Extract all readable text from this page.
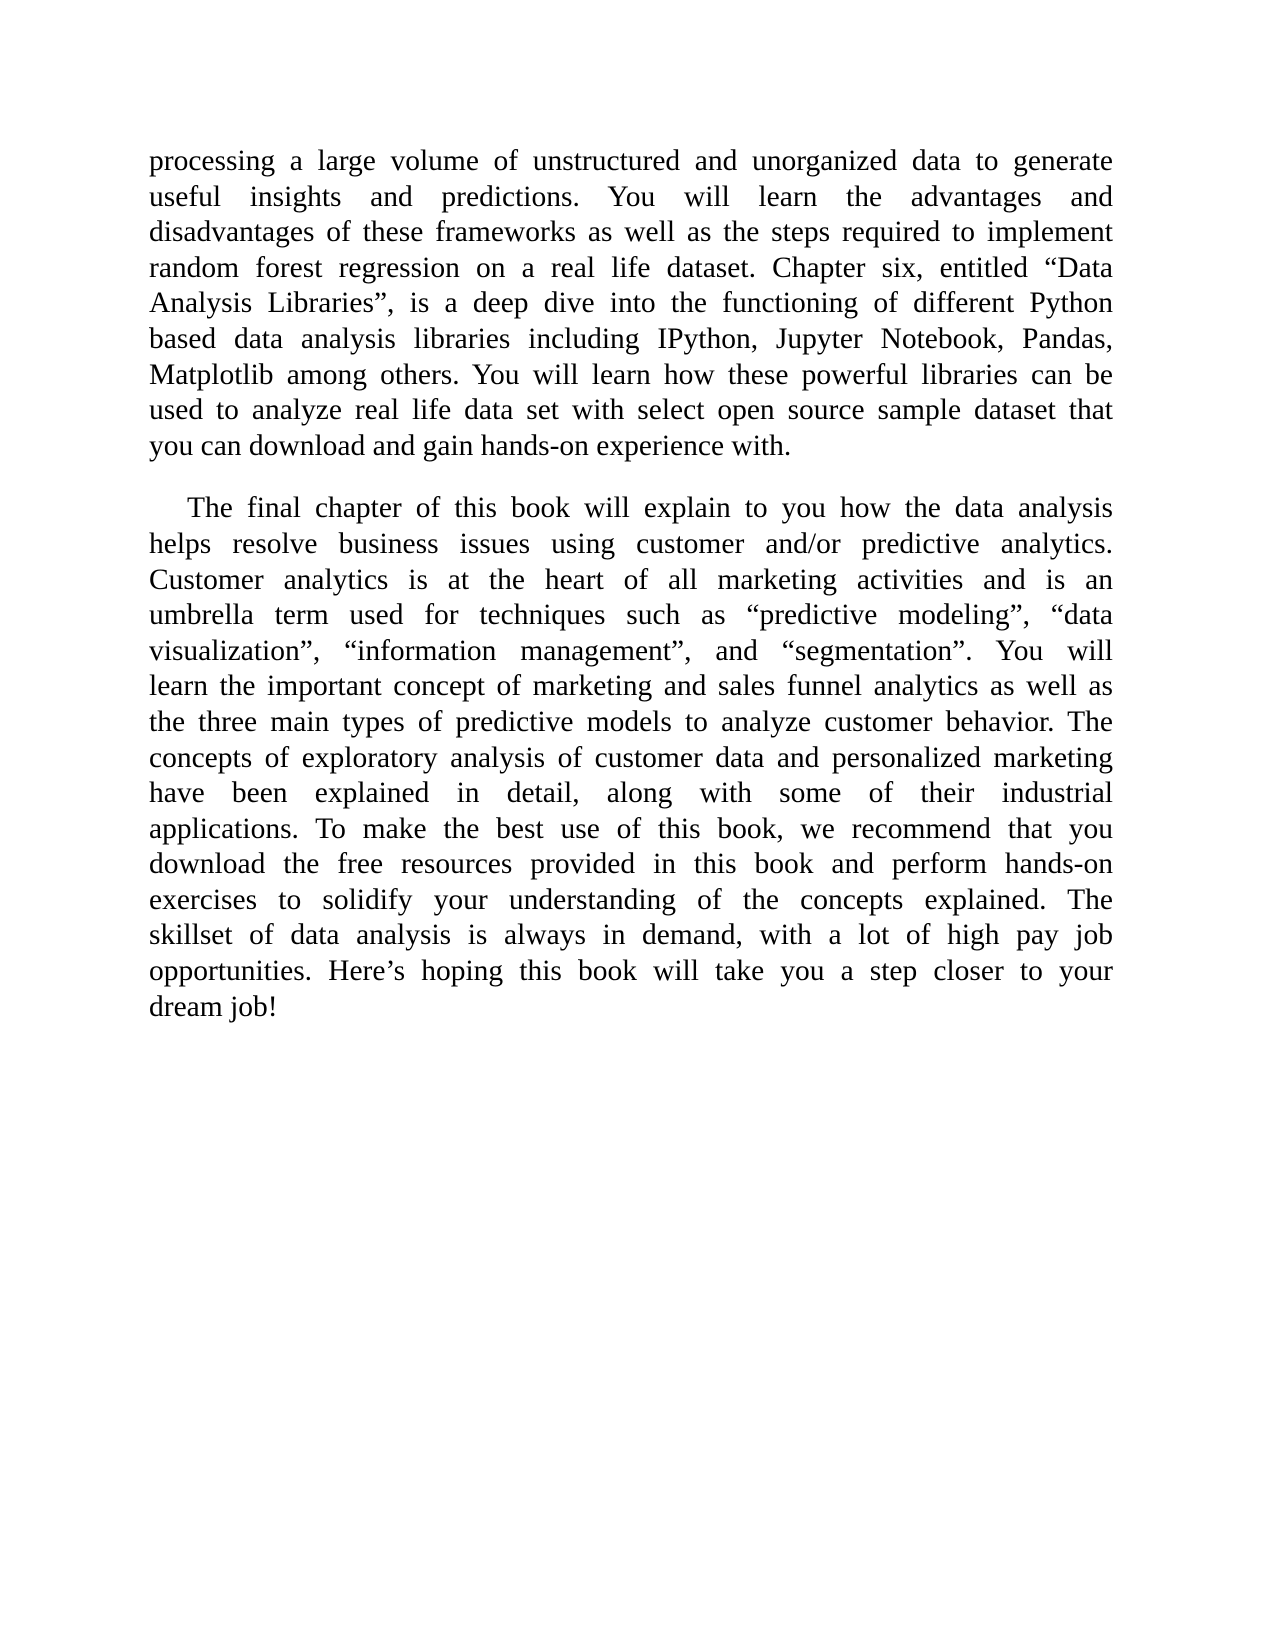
processing a large volume of unstructured and unorganized data to generate
useful insights and predictions. You will learn the advantages and
disadvantages of these frameworks as well as the steps required to implement
random forest regression on a real life dataset. Chapter six, entitled “Data
Analysis Libraries”, is a deep dive into the functioning of different Python
based data analysis libraries including IPython, Jupyter Notebook, Pandas,
Matplotlib among others. You will learn how these powerful libraries can be
used to analyze real life data set with select open source sample dataset that
you can download and gain hands-on experience with.
The final chapter of this book will explain to you how the data analysis
helps resolve business issues using customer and/or predictive analytics.
Customer analytics is at the heart of all marketing activities and is an
umbrella term used for techniques such as “predictive modeling”, “data
visualization”, “information management”, and “segmentation”. You will
learn the important concept of marketing and sales funnel analytics as well as
the three main types of predictive models to analyze customer behavior. The
concepts of exploratory analysis of customer data and personalized marketing
have been explained in detail, along with some of their industrial
applications. To make the best use of this book, we recommend that you
download the free resources provided in this book and perform hands-on
exercises to solidify your understanding of the concepts explained. The
skillset of data analysis is always in demand, with a lot of high pay job
opportunities. Here’s hoping this book will take you a step closer to your
dream job!
